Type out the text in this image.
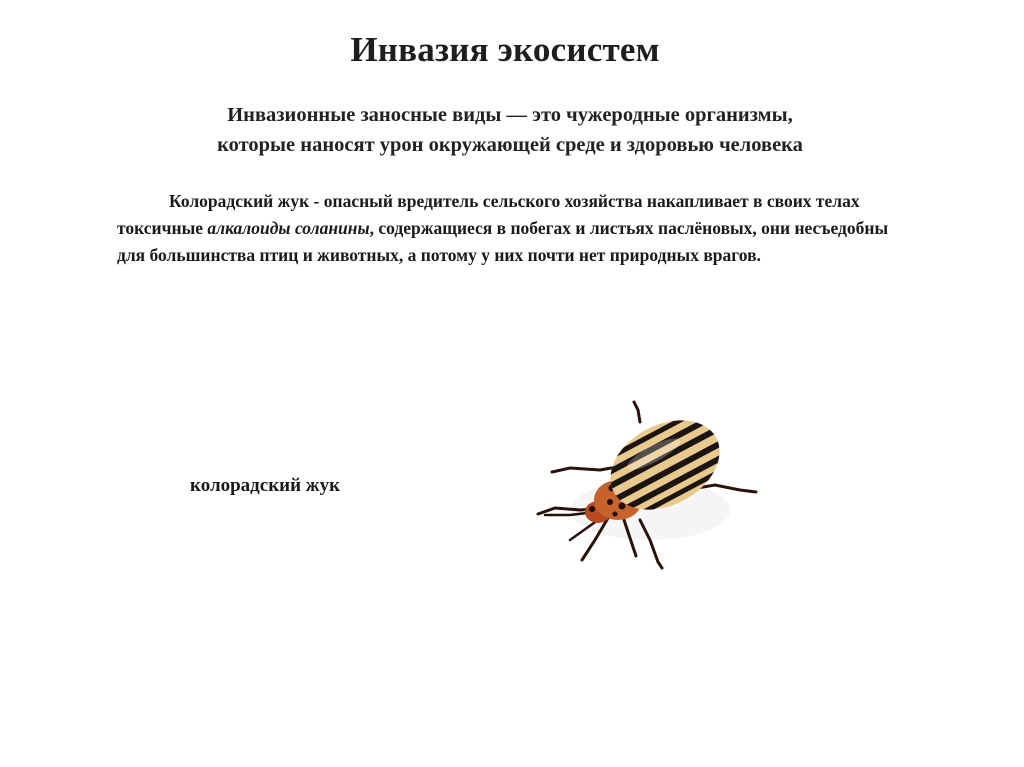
Инвазия экосистем
Инвазионные заносные виды — это чужеродные организмы,
которые наносят урон окружающей среде и здоровью человека
Колорадский жук - опасный вредитель сельского хозяйства накапливает в своих телах токсичные алкалоиды соланины, содержащиеся в побегах и листьях паслёновых, они несъедобны для большинства птиц и животных, а потому у них почти нет природных врагов.
колорадский жук
